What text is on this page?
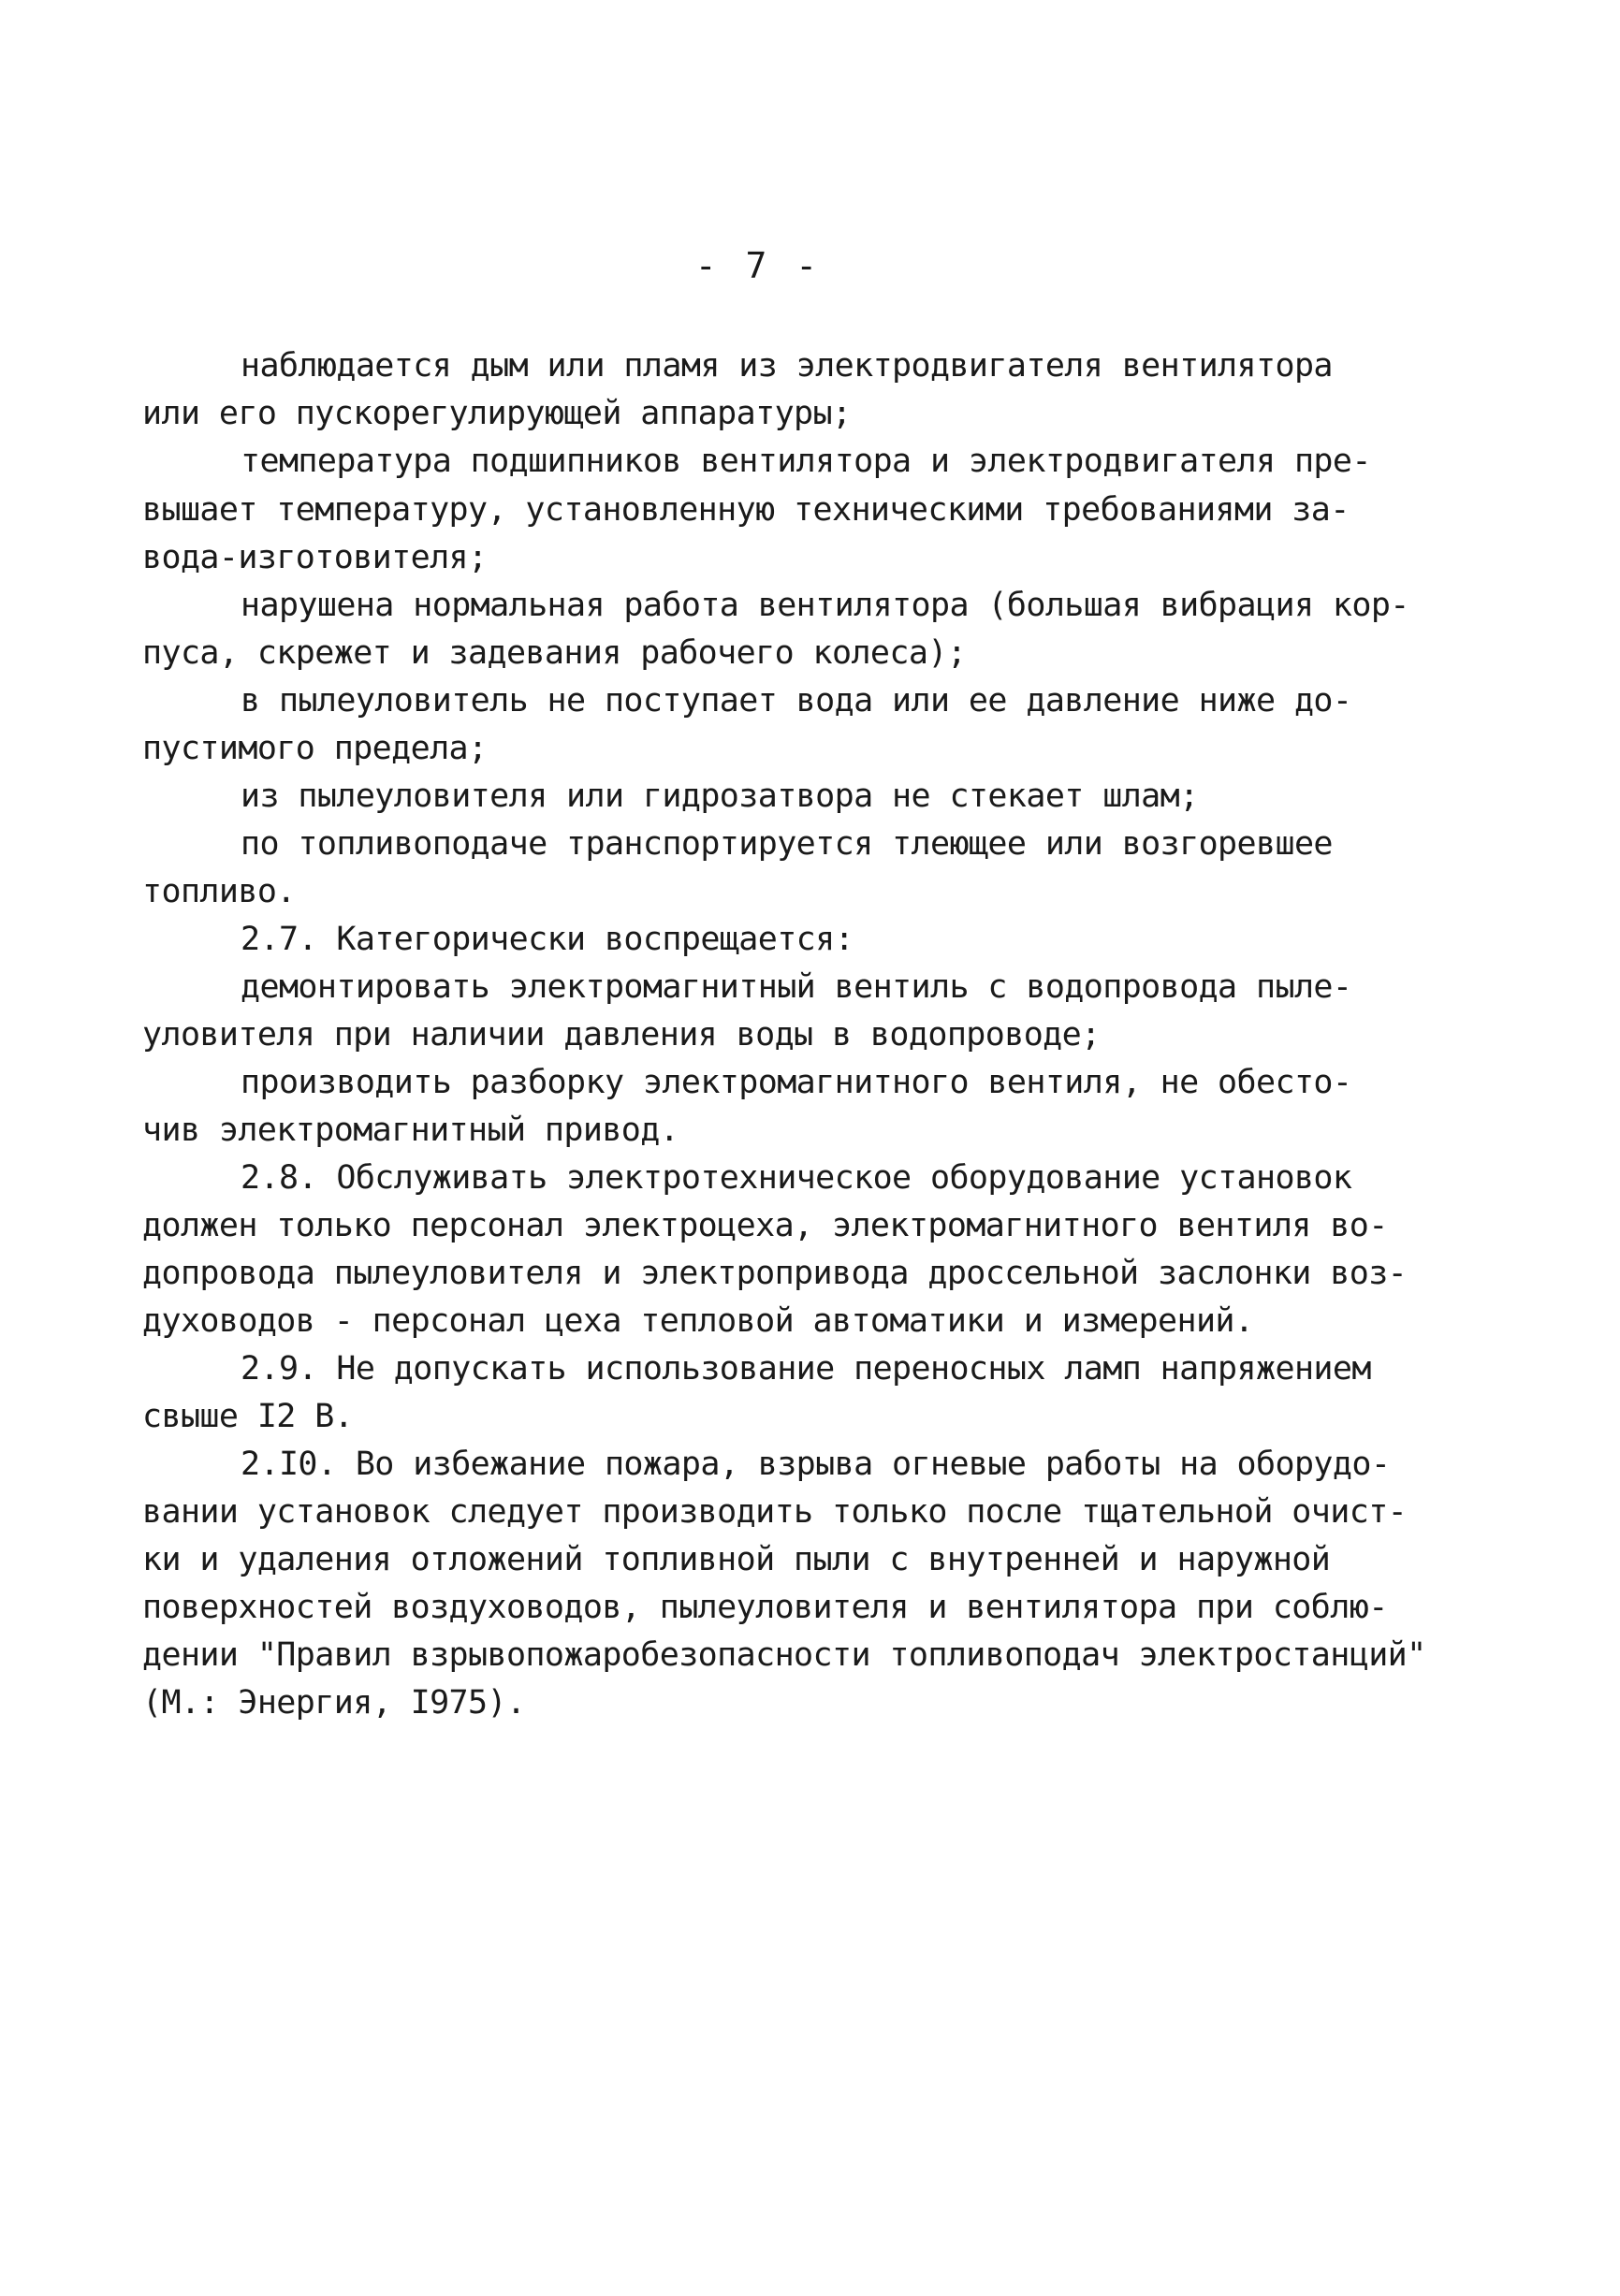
- 7 -
наблюдается дым или пламя из электродвигателя вентилятора
или его пускорегулирующей аппаратуры;
температура подшипников вентилятора и электродвигателя пре-
вышает температуру, установленную техническими требованиями за-
вода-изготовителя;
нарушена нормальная работа вентилятора (большая вибрация кор-
пуса, скрежет и задевания рабочего колеса);
в пылеуловитель не поступает вода или ее давление ниже до-
пустимого предела;
из пылеуловителя или гидрозатвора не стекает шлам;
по топливоподаче транспортируется тлеющее или возгоревшее
топливо.
2.7. Категорически воспрещается:
демонтировать электромагнитный вентиль с водопровода пыле-
уловителя при наличии давления воды в водопроводе;
производить разборку электромагнитного вентиля, не обесто-
чив электромагнитный привод.
2.8. Обслуживать электротехническое оборудование установок
должен только персонал электроцеха, электромагнитного вентиля во-
допровода пылеуловителя и электропривода дроссельной заслонки воз-
духоводов - персонал цеха тепловой автоматики и измерений.
2.9. Не допускать использование переносных ламп напряжением
свыше I2 В.
2.I0. Во избежание пожара, взрыва огневые работы на оборудо-
вании установок следует производить только после тщательной очист-
ки и удаления отложений топливной пыли с внутренней и наружной
поверхностей воздуховодов, пылеуловителя и вентилятора при соблю-
дении "Правил взрывопожаробезопасности топливоподач электростанций"
(М.: Энергия, I975).
